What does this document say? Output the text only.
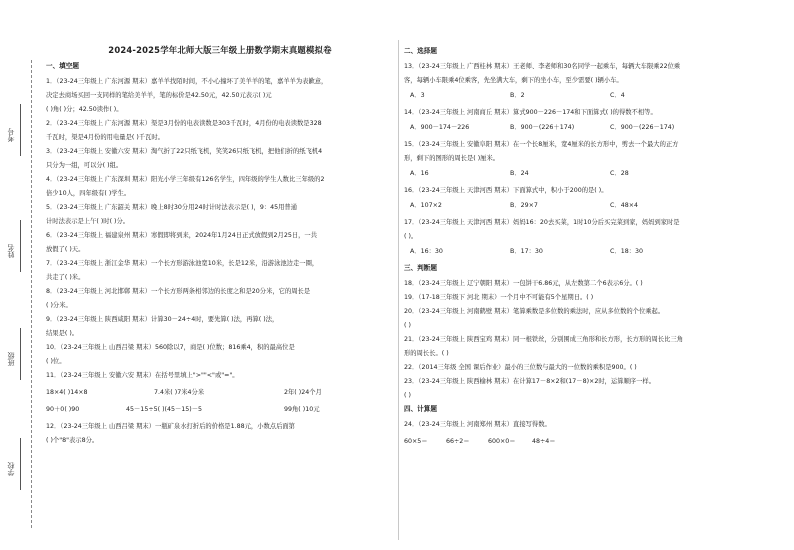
考号
姓名
班级
学校
2024-2025学年北师大版三年级上册数学期末真题模拟卷
一、填空题
1．（23-24三年级上 广东河源 期末）嘉羊羊找陌时间，不小心撞坏了美羊羊的笔，嘉羊羊为表歉意，
决定去商场买回一支同样的笔给美羊羊，笔的标价是42.50元，42.50元表示( )元
( )角( )分；42.50读作( )。
2．（23-24三年级上 广东河源 期末）渠是3月份的电表读数是303千瓦时，4月份的电表读数是328
千瓦时，渠是4月份的用电量是( )千瓦时。
3．（23-24三年级上 安徽六安 期末）淘气折了22只纸飞机，笑笑26只纸飞机，把他们折的纸飞机4
只分为一组，可以分( )组。
4．（23-24三年级上 广东深圳 期末）阳光小学三年级有126名学生，四年级的学生人数比三年级的2
倍少10人，四年级有( )学生。
5．（23-24三年级上 广东韶关 期末）晚上8时30分用24时计时法表示是( )，9：45用普通
计时法表示是上午( )时( )分。
6．（23-24三年级上 福建泉州 期末）寒假即将到来，2024年1月24日正式放假到2月25日，一共
放假了( )天。
7．（23-24三年级上 浙江金华 期末）一个长方形游泳池宽10米，长是12米，沿游泳池边走一圈，
共走了( )米。
8．（23-24三年级上 河北邯郸 期末）一个长方形两条相邻边的长度之和是20分米，它的周长是
( )分米。
9．（23-24三年级上 陕西咸阳 期末）计算30－24÷4时，要先算( )法，再算( )法，
结果是( )。
10．（23-24三年级上 山西吕梁 期末）560除以7，商是( )位数；816乘4，积的最高位是
( )位。
11．（23-24三年级上 安徽六安 期末）在括号里填上">""<"或"="。
18×4( )14×8	7.4米( )7米4分米	2年( )24个月
90＋0( )90	45－15÷5( )(45－15)－5	99角( )10元
12．（23-24三年级上 山西吕梁 期末）一瓶矿泉水打折后的价格是1.88元，小数点后面第
( )个"8"表示8分。
二、选择题
13．（23-24三年级上 广西桂林 期末）王老师、李老师和30名同学一起乘车，每辆大车限乘22位乘
客，每辆小车限乘4位乘客，先坐满大车，剩下的坐小车，至少需要( )辆小车。
A．3	B．2	C．4
14．（23-24三年级上 河南商丘 期末）算式900－226－174和下面算式( )的得数不相等。
A．900－174－226	B．900－(226＋174)	C．900－(226－174)
15．（23-24三年级上 安徽阜阳 期末）在一个长8厘米，宽4厘米的长方形中，剪去一个最大的正方
形，剩下的图形的周长是( )厘米。
A．16	B．24	C．28
16．（23-24三年级上 天津河西 期末）下面算式中，积小于200的是( )。
A．107×2	B．29×7	C．48×4
17．（23-24三年级上 天津河西 期末）妈妈16：20去买菜，1时10分后买完菜到家，妈妈到家时是
( )。
A．16：30	B．17：30	C．18：30
三、判断题
18．（23-24三年级上 辽宁朝阳 期末）一包饼干6.86元，从左数第二个6表示6分。( )
19．（17-18三年级下 河北 期末）一个月中不可能有5个星期日。( )
20．（23-24三年级上 河南鹤壁 期末）笔算乘数是多位数的乘法时，应从多位数的个位乘起。
( )
21．（23-24三年级上 陕西宝鸡 期末）同一根铁丝，分别围成三角形和长方形，长方形的周长比三角
形的周长长。( )
22．（2014三年级 全国 课后作业）最小的三位数与最大的一位数的乘积是900。( )
23．（23-24三年级上 陕西榆林 期末）在计算17－8×2和(17－8)×2时，运算顺序一样。
( )
四、计算题
24．（23-24三年级上 河南郑州 期末）直接写得数。
60×5＝	66÷2＝	600×0＝	48÷4＝
